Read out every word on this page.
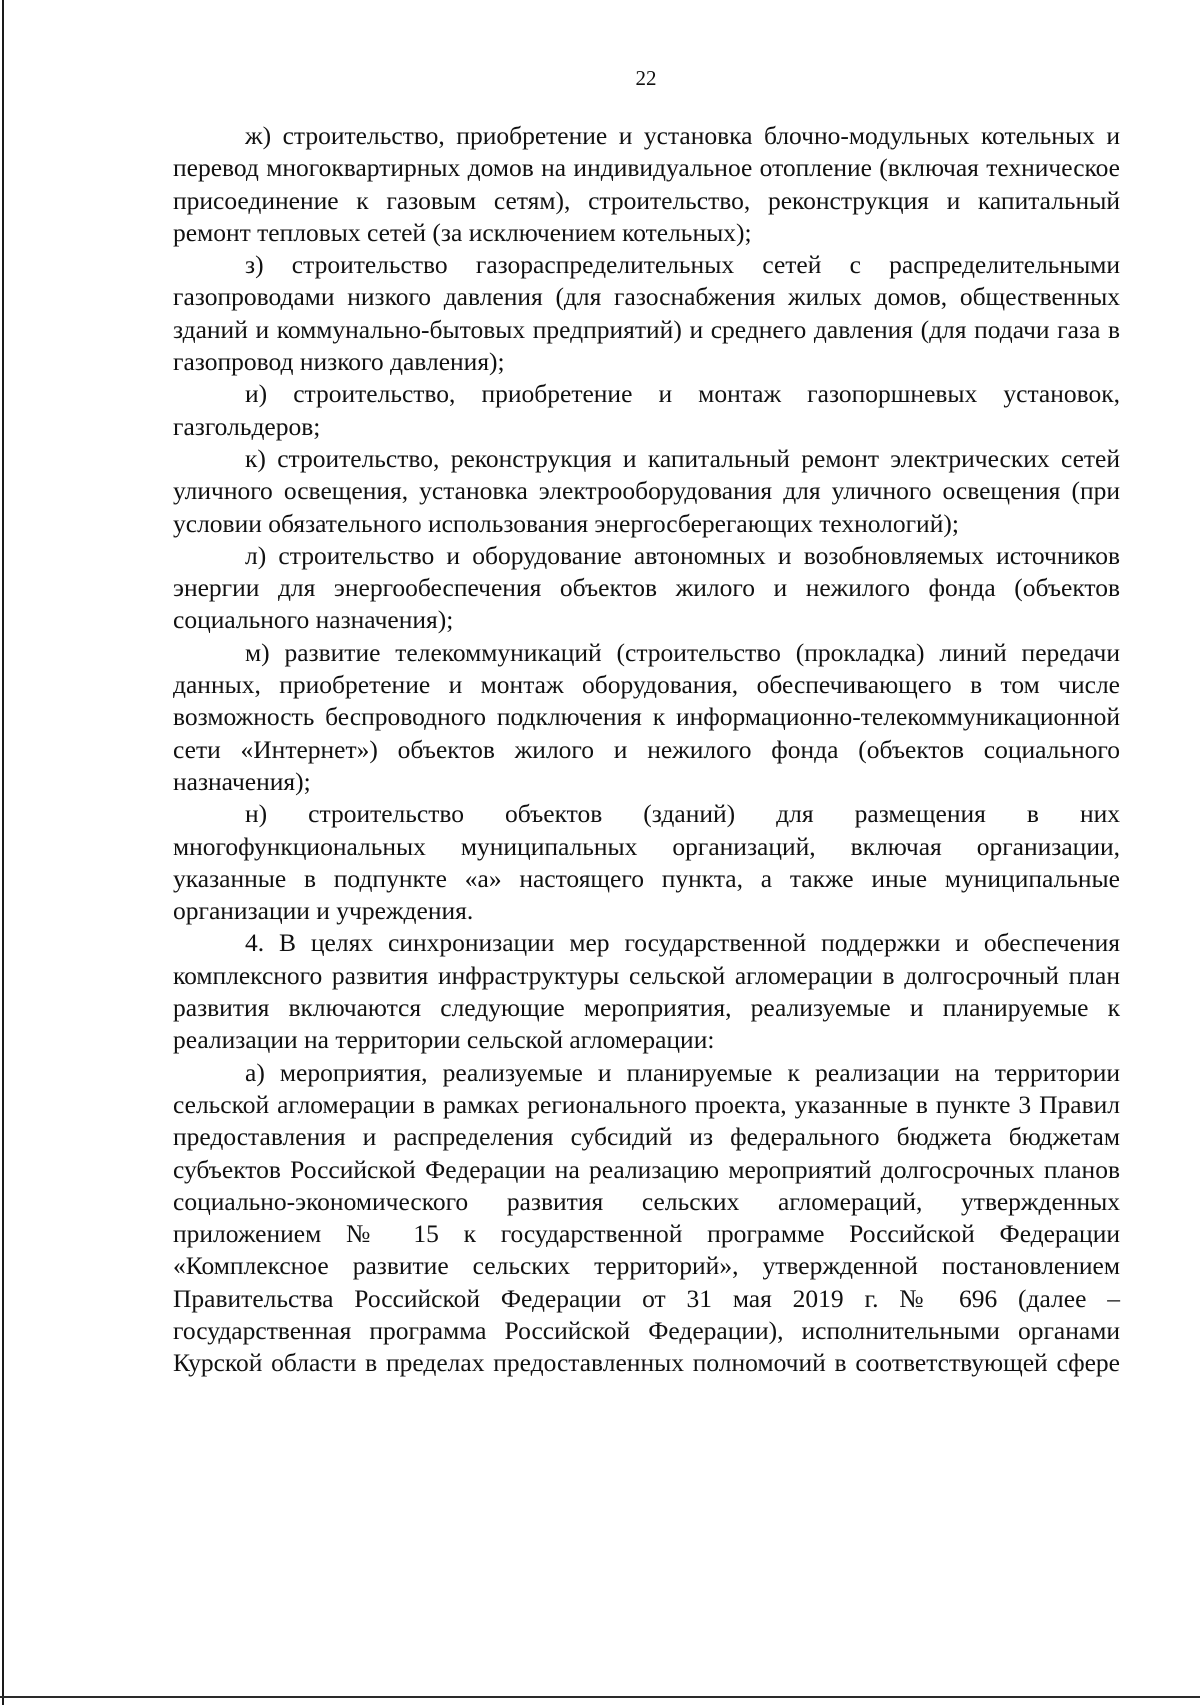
22

ж) строительство, приобретение и установка блочно-модульных котельных и перевод многоквартирных домов на индивидуальное отопление (включая техническое присоединение к газовым сетям), строительство, реконструкция и капитальный ремонт тепловых сетей (за исключением котельных);

з) строительство газораспределительных сетей с распределительными газопроводами низкого давления (для газоснабжения жилых домов, общественных зданий и коммунально-бытовых предприятий) и среднего давления (для подачи газа в газопровод низкого давления);

и) строительство, приобретение и монтаж газопоршневых установок, газгольдеров;

к) строительство, реконструкция и капитальный ремонт электрических сетей уличного освещения, установка электрооборудования для уличного освещения (при условии обязательного использования энергосберегающих технологий);

л) строительство и оборудование автономных и возобновляемых источников энергии для энергообеспечения объектов жилого и нежилого фонда (объектов социального назначения);

м) развитие телекоммуникаций (строительство (прокладка) линий передачи данных, приобретение и монтаж оборудования, обеспечивающего в том числе возможность беспроводного подключения к информационно-телекоммуникационной сети «Интернет») объектов жилого и нежилого фонда (объектов социального назначения);

н) строительство объектов (зданий) для размещения в них многофункциональных муниципальных организаций, включая организации, указанные в подпункте «а» настоящего пункта, а также иные муниципальные организации и учреждения.

4. В целях синхронизации мер государственной поддержки и обеспечения комплексного развития инфраструктуры сельской агломерации в долгосрочный план развития включаются следующие мероприятия, реализуемые и планируемые к реализации на территории сельской агломерации:

а) мероприятия, реализуемые и планируемые к реализации на территории сельской агломерации в рамках регионального проекта, указанные в пункте 3 Правил предоставления и распределения субсидий из федерального бюджета бюджетам субъектов Российской Федерации на реализацию мероприятий долгосрочных планов социально-экономического развития сельских агломераций, утвержденных приложением № 15 к государственной программе Российской Федерации «Комплексное развитие сельских территорий», утвержденной постановлением Правительства Российской Федерации от 31 мая 2019 г. № 696 (далее – государственная программа Российской Федерации), исполнительными органами Курской области в пределах предоставленных полномочий в соответствующей сфере
